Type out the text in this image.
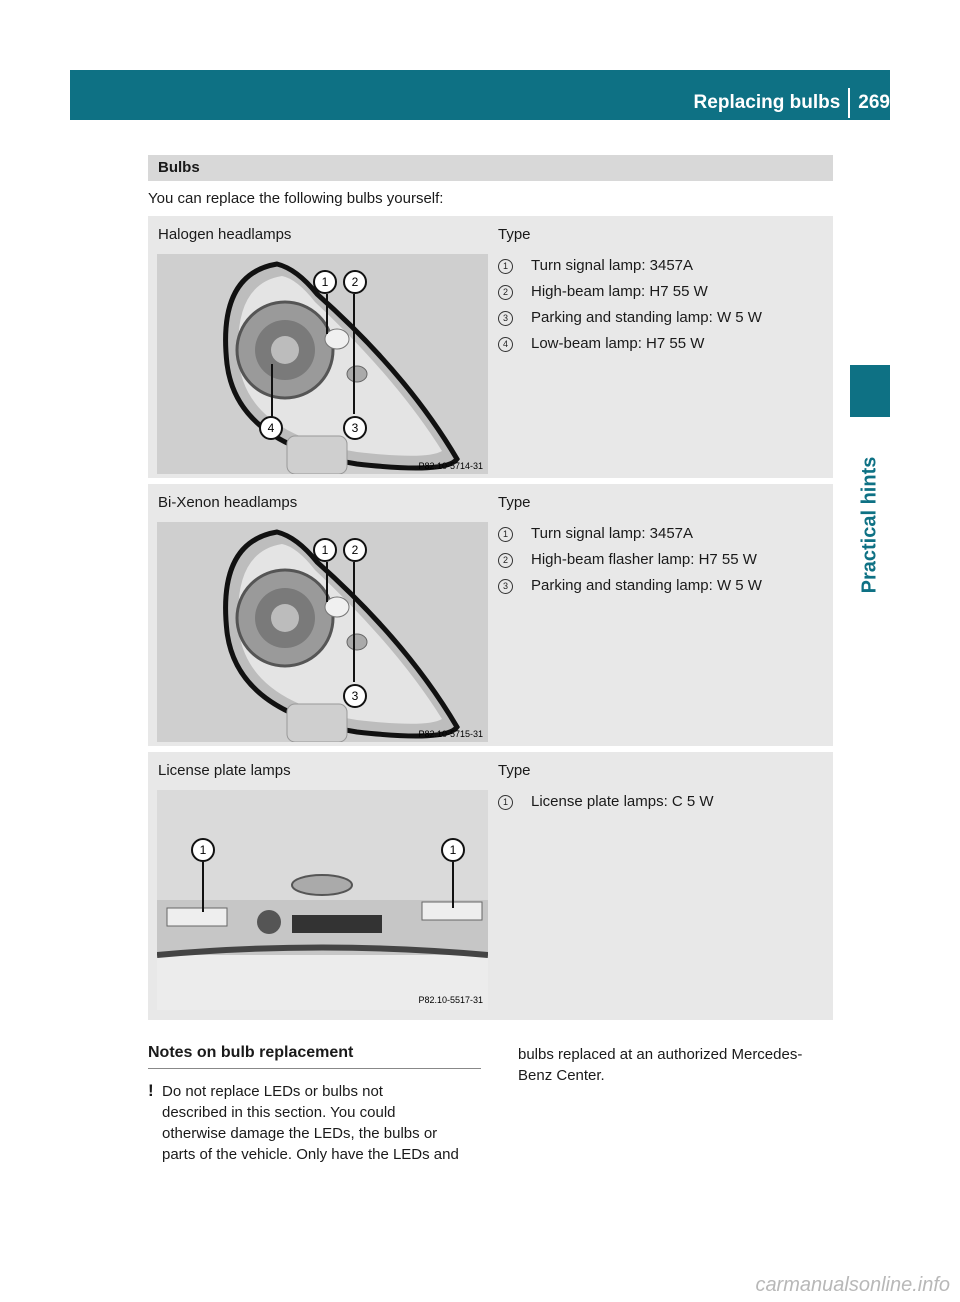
Replacing bulbs 269
Practical hints
Bulbs
You can replace the following bulbs yourself:
Halogen headlamps	Type
1 2
3
4
P82.10-5714-31
1 Turn signal lamp: 3457A
2 High-beam lamp: H7 55 W
3 Parking and standing lamp: W 5 W
4 Low-beam lamp: H7 55 W
Bi-Xenon headlamps	Type
1 2
3
P82.10-5715-31
1 Turn signal lamp: 3457A
2 High-beam flasher lamp: H7 55 W
3 Parking and standing lamp: W 5 W
License plate lamps	Type
1	1
P82.10-5517-31
1 License plate lamps: C 5 W
Notes on bulb replacement
! Do not replace LEDs or bulbs not
described in this section. You could
otherwise damage the LEDs, the bulbs or
parts of the vehicle. Only have the LEDs and
bulbs replaced at an authorized Mercedes-
Benz Center.
carmanualsonline.info
